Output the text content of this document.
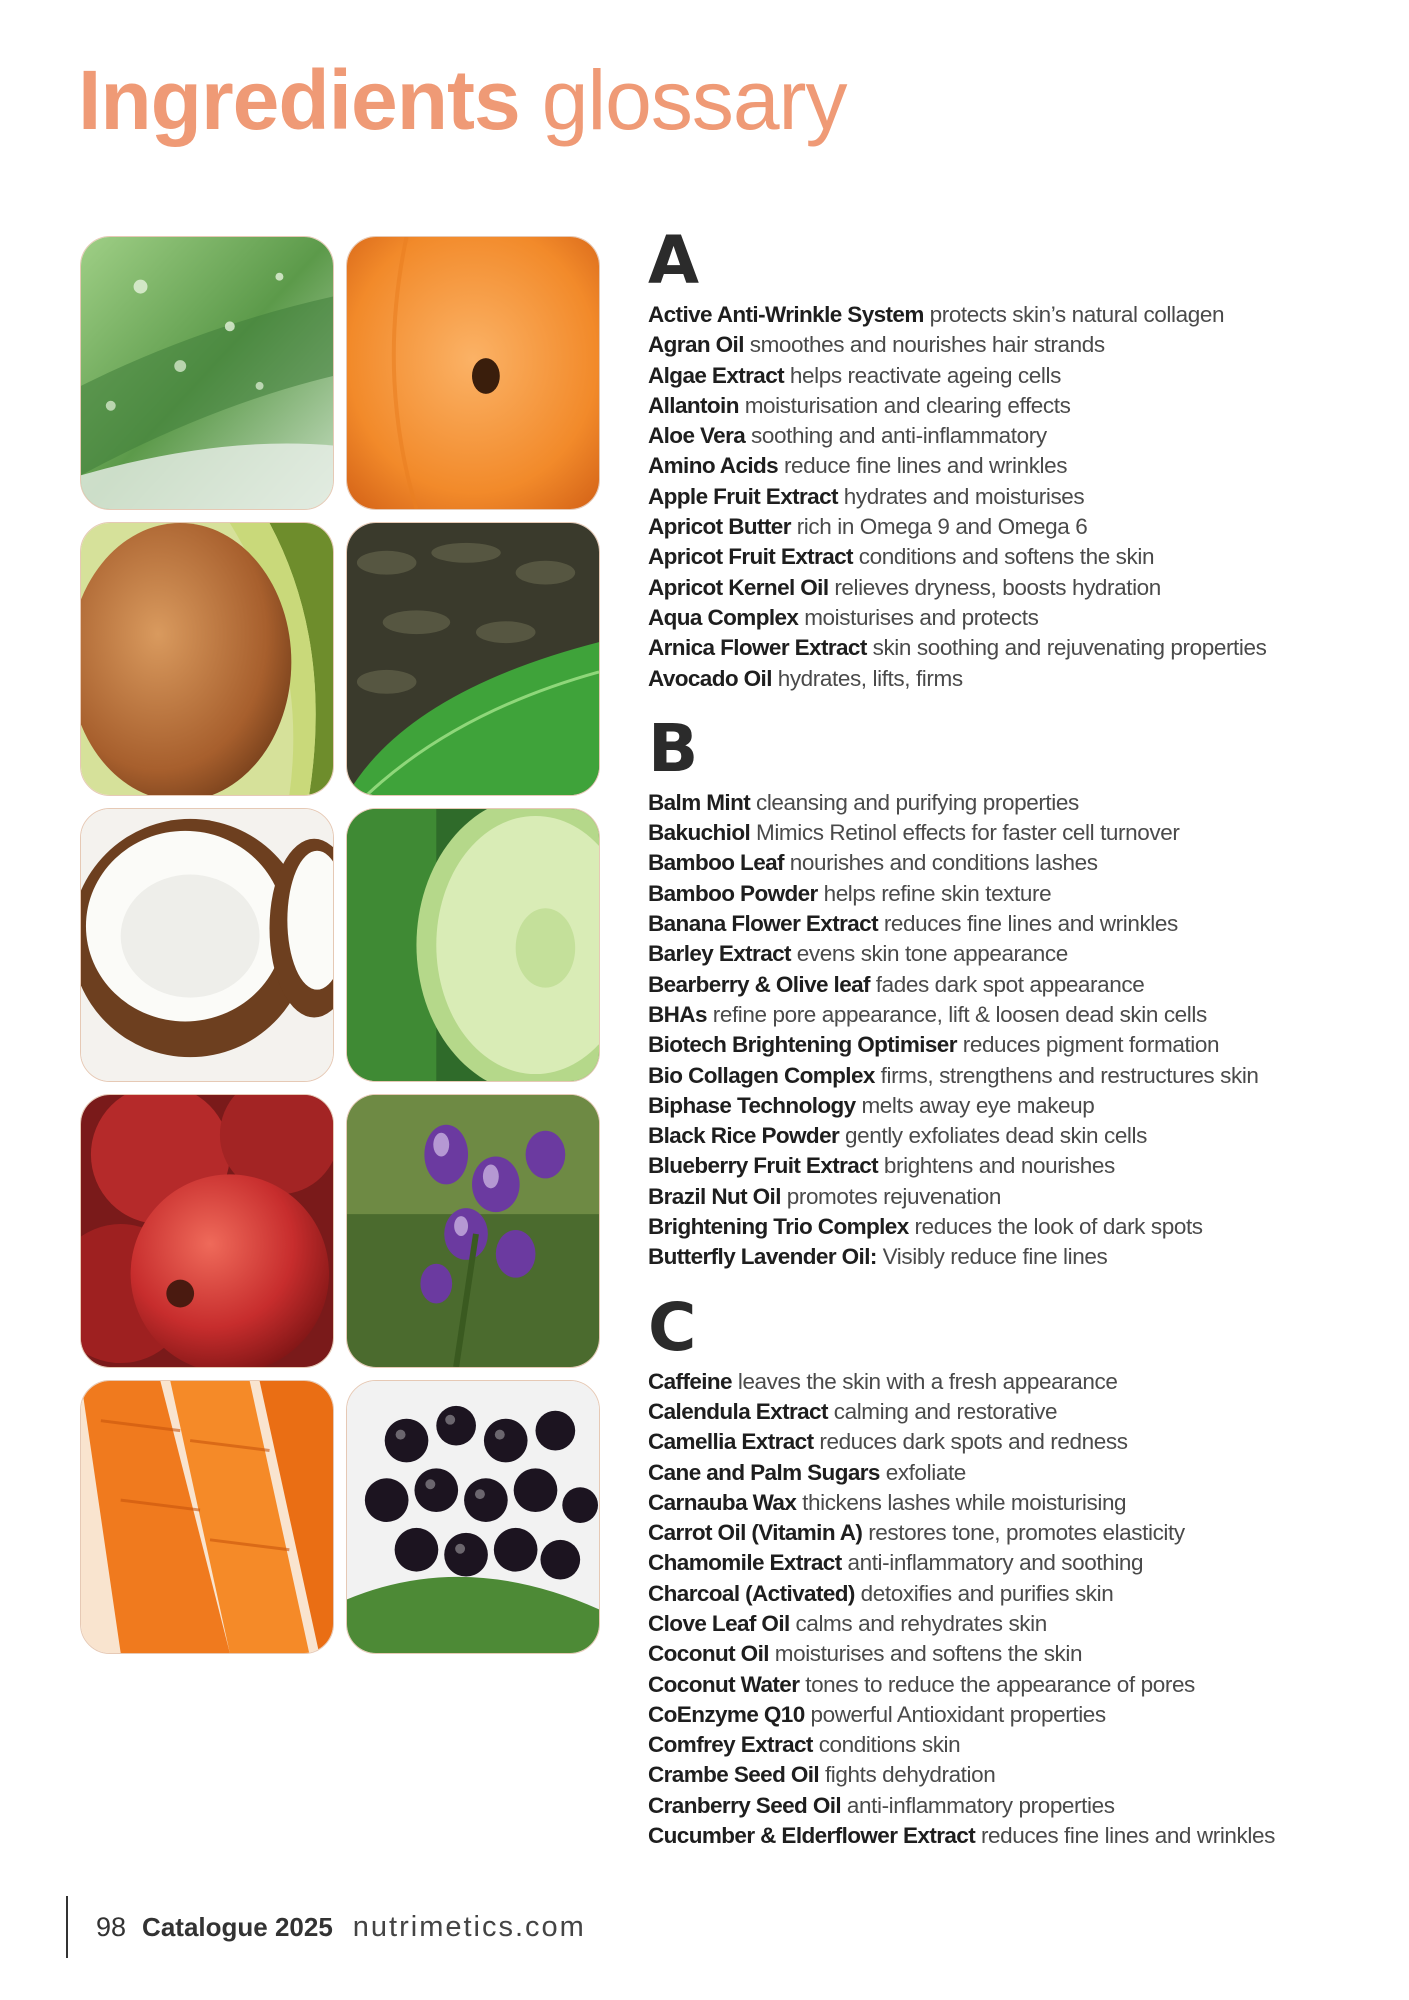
Ingredients glossary
A
Active Anti-Wrinkle System protects skin’s natural collagen
Agran Oil smoothes and nourishes hair strands
Algae Extract helps reactivate ageing cells
Allantoin moisturisation and clearing effects
Aloe Vera soothing and anti-inflammatory
Amino Acids reduce fine lines and wrinkles
Apple Fruit Extract hydrates and moisturises
Apricot Butter rich in Omega 9 and Omega 6
Apricot Fruit Extract conditions and softens the skin
Apricot Kernel Oil relieves dryness, boosts hydration
Aqua Complex moisturises and protects
Arnica Flower Extract skin soothing and rejuvenating properties
Avocado Oil hydrates, lifts, firms
B
Balm Mint cleansing and purifying properties
Bakuchiol Mimics Retinol effects for faster cell turnover
Bamboo Leaf nourishes and conditions lashes
Bamboo Powder helps refine skin texture
Banana Flower Extract reduces fine lines and wrinkles
Barley Extract evens skin tone appearance
Bearberry & Olive leaf fades dark spot appearance
BHAs refine pore appearance, lift & loosen dead skin cells
Biotech Brightening Optimiser reduces pigment formation
Bio Collagen Complex firms, strengthens and restructures skin
Biphase Technology melts away eye makeup
Black Rice Powder gently exfoliates dead skin cells
Blueberry Fruit Extract brightens and nourishes
Brazil Nut Oil promotes rejuvenation
Brightening Trio Complex reduces the look of dark spots
Butterfly Lavender Oil: Visibly reduce fine lines
C
Caffeine leaves the skin with a fresh appearance
Calendula Extract calming and restorative
Camellia Extract reduces dark spots and redness
Cane and Palm Sugars exfoliate
Carnauba Wax thickens lashes while moisturising
Carrot Oil (Vitamin A) restores tone, promotes elasticity
Chamomile Extract anti-inflammatory and soothing
Charcoal (Activated) detoxifies and purifies skin
Clove Leaf Oil calms and rehydrates skin
Coconut Oil moisturises and softens the skin
Coconut Water tones to reduce the appearance of pores
CoEnzyme Q10 powerful Antioxidant properties
Comfrey Extract conditions skin
Crambe Seed Oil fights dehydration
Cranberry Seed Oil anti-inflammatory properties
Cucumber & Elderflower Extract reduces fine lines and wrinkles
98 Catalogue 2025 nutrimetics.com
